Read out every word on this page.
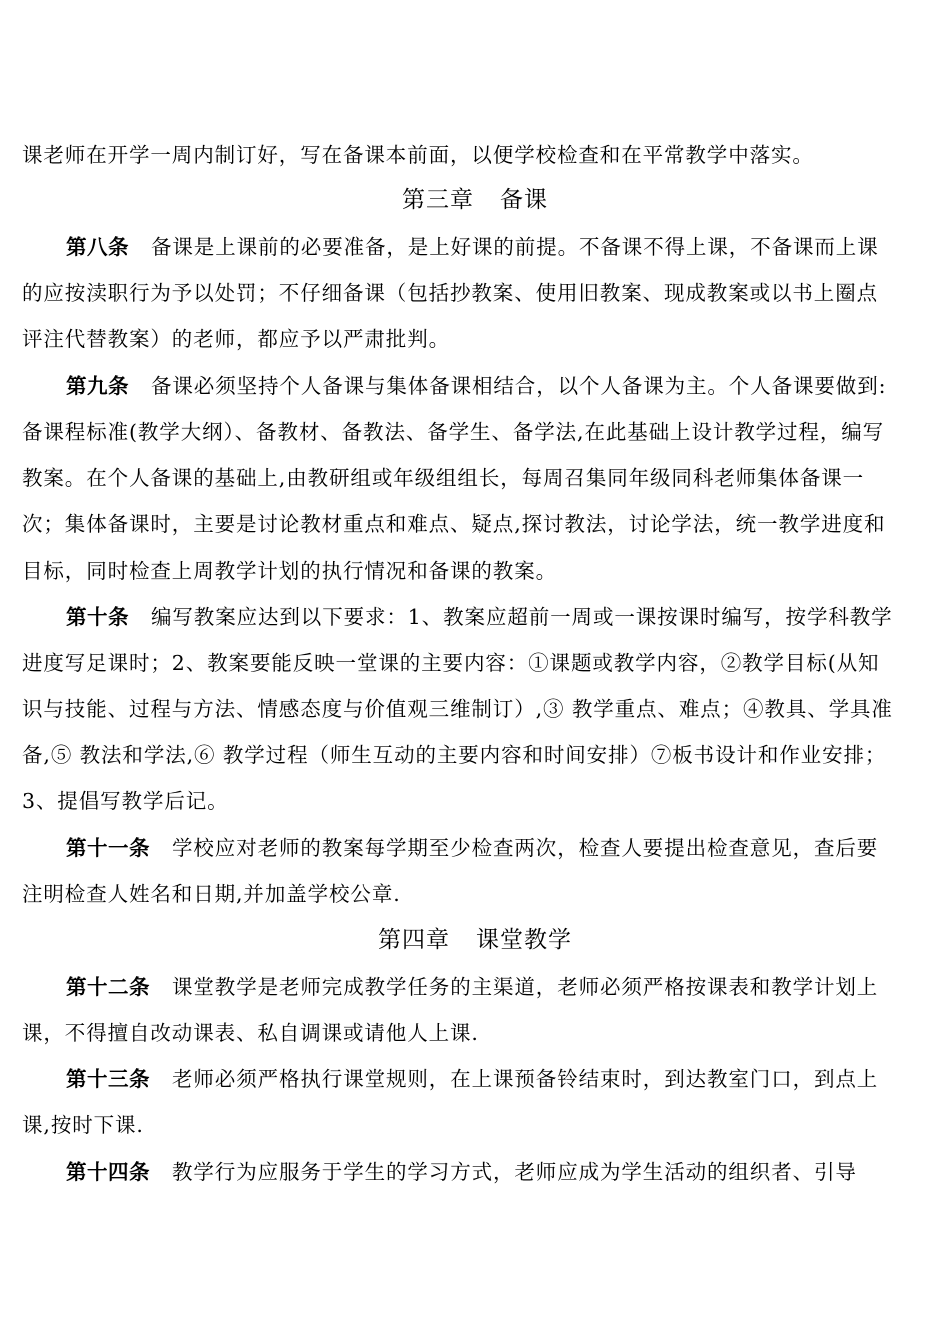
课老师在开学一周内制订好，写在备课本前面，以便学校检查和在平常教学中落实。
第三章 备课
第八条 备课是上课前的必要准备，是上好课的前提。不备课不得上课，不备课而上课
的应按渎职行为予以处罚；不仔细备课（包括抄教案、使用旧教案、现成教案或以书上圈点
评注代替教案）的老师，都应予以严肃批判。
第九条 备课必须坚持个人备课与集体备课相结合，以个人备课为主。个人备课要做到:
备课程标准(教学大纲）、备教材、备教法、备学生、备学法,在此基础上设计教学过程，编写
教案。在个人备课的基础上,由教研组或年级组组长，每周召集同年级同科老师集体备课一
次；集体备课时，主要是讨论教材重点和难点、疑点,探讨教法，讨论学法，统一教学进度和
目标，同时检查上周教学计划的执行情况和备课的教案。
第十条 编写教案应达到以下要求：1、教案应超前一周或一课按课时编写，按学科教学
进度写足课时；2、教案要能反映一堂课的主要内容：①课题或教学内容，②教学目标(从知
识与技能、过程与方法、情感态度与价值观三维制订）,③ 教学重点、难点；④教具、学具准
备,⑤ 教法和学法,⑥ 教学过程（师生互动的主要内容和时间安排）⑦板书设计和作业安排；
3、提倡写教学后记。
第十一条 学校应对老师的教案每学期至少检查两次，检查人要提出检查意见，查后要
注明检查人姓名和日期,并加盖学校公章.
第四章 课堂教学
第十二条 课堂教学是老师完成教学任务的主渠道，老师必须严格按课表和教学计划上
课，不得擅自改动课表、私自调课或请他人上课.
第十三条 老师必须严格执行课堂规则，在上课预备铃结束时，到达教室门口，到点上
课,按时下课.
第十四条 教学行为应服务于学生的学习方式，老师应成为学生活动的组织者、引导
